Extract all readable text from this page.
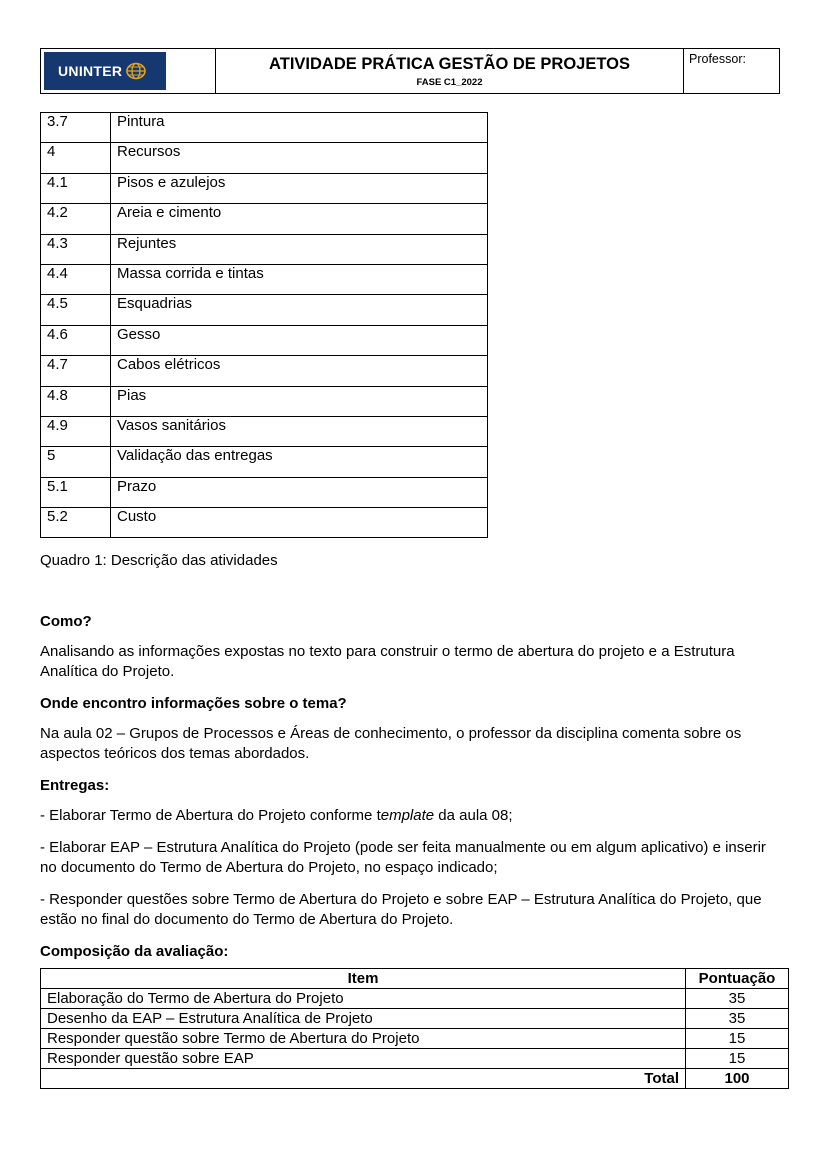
UNINTER	ATIVIDADE PRÁTICA GESTÃO DE PROJETOS
FASE C1_2022
Professor:
3.7	Pintura
4	Recursos
4.1	Pisos e azulejos
4.2	Areia e cimento
4.3	Rejuntes
4.4	Massa corrida e tintas
4.5	Esquadrias
4.6	Gesso
4.7	Cabos elétricos
4.8	Pias
4.9	Vasos sanitários
5	Validação das entregas
5.1	Prazo
5.2	Custo
Quadro 1: Descrição das atividades

Como?

Analisando as informações expostas no texto para construir o termo de abertura do projeto e a Estrutura Analítica do Projeto.

Onde encontro informações sobre o tema?

Na aula 02 – Grupos de Processos e Áreas de conhecimento, o professor da disciplina comenta sobre os aspectos teóricos dos temas abordados.

Entregas:

- Elaborar Termo de Abertura do Projeto conforme template da aula 08;

- Elaborar EAP – Estrutura Analítica do Projeto (pode ser feita manualmente ou em algum aplicativo) e inserir no documento do Termo de Abertura do Projeto, no espaço indicado;

- Responder questões sobre Termo de Abertura do Projeto e sobre EAP – Estrutura Analítica do Projeto, que estão no final do documento do Termo de Abertura do Projeto.

Composição da avaliação:

Item	Pontuação
Elaboração do Termo de Abertura do Projeto	35
Desenho da EAP – Estrutura Analítica de Projeto	35
Responder questão sobre Termo de Abertura do Projeto	15
Responder questão sobre EAP	15
Total	100
